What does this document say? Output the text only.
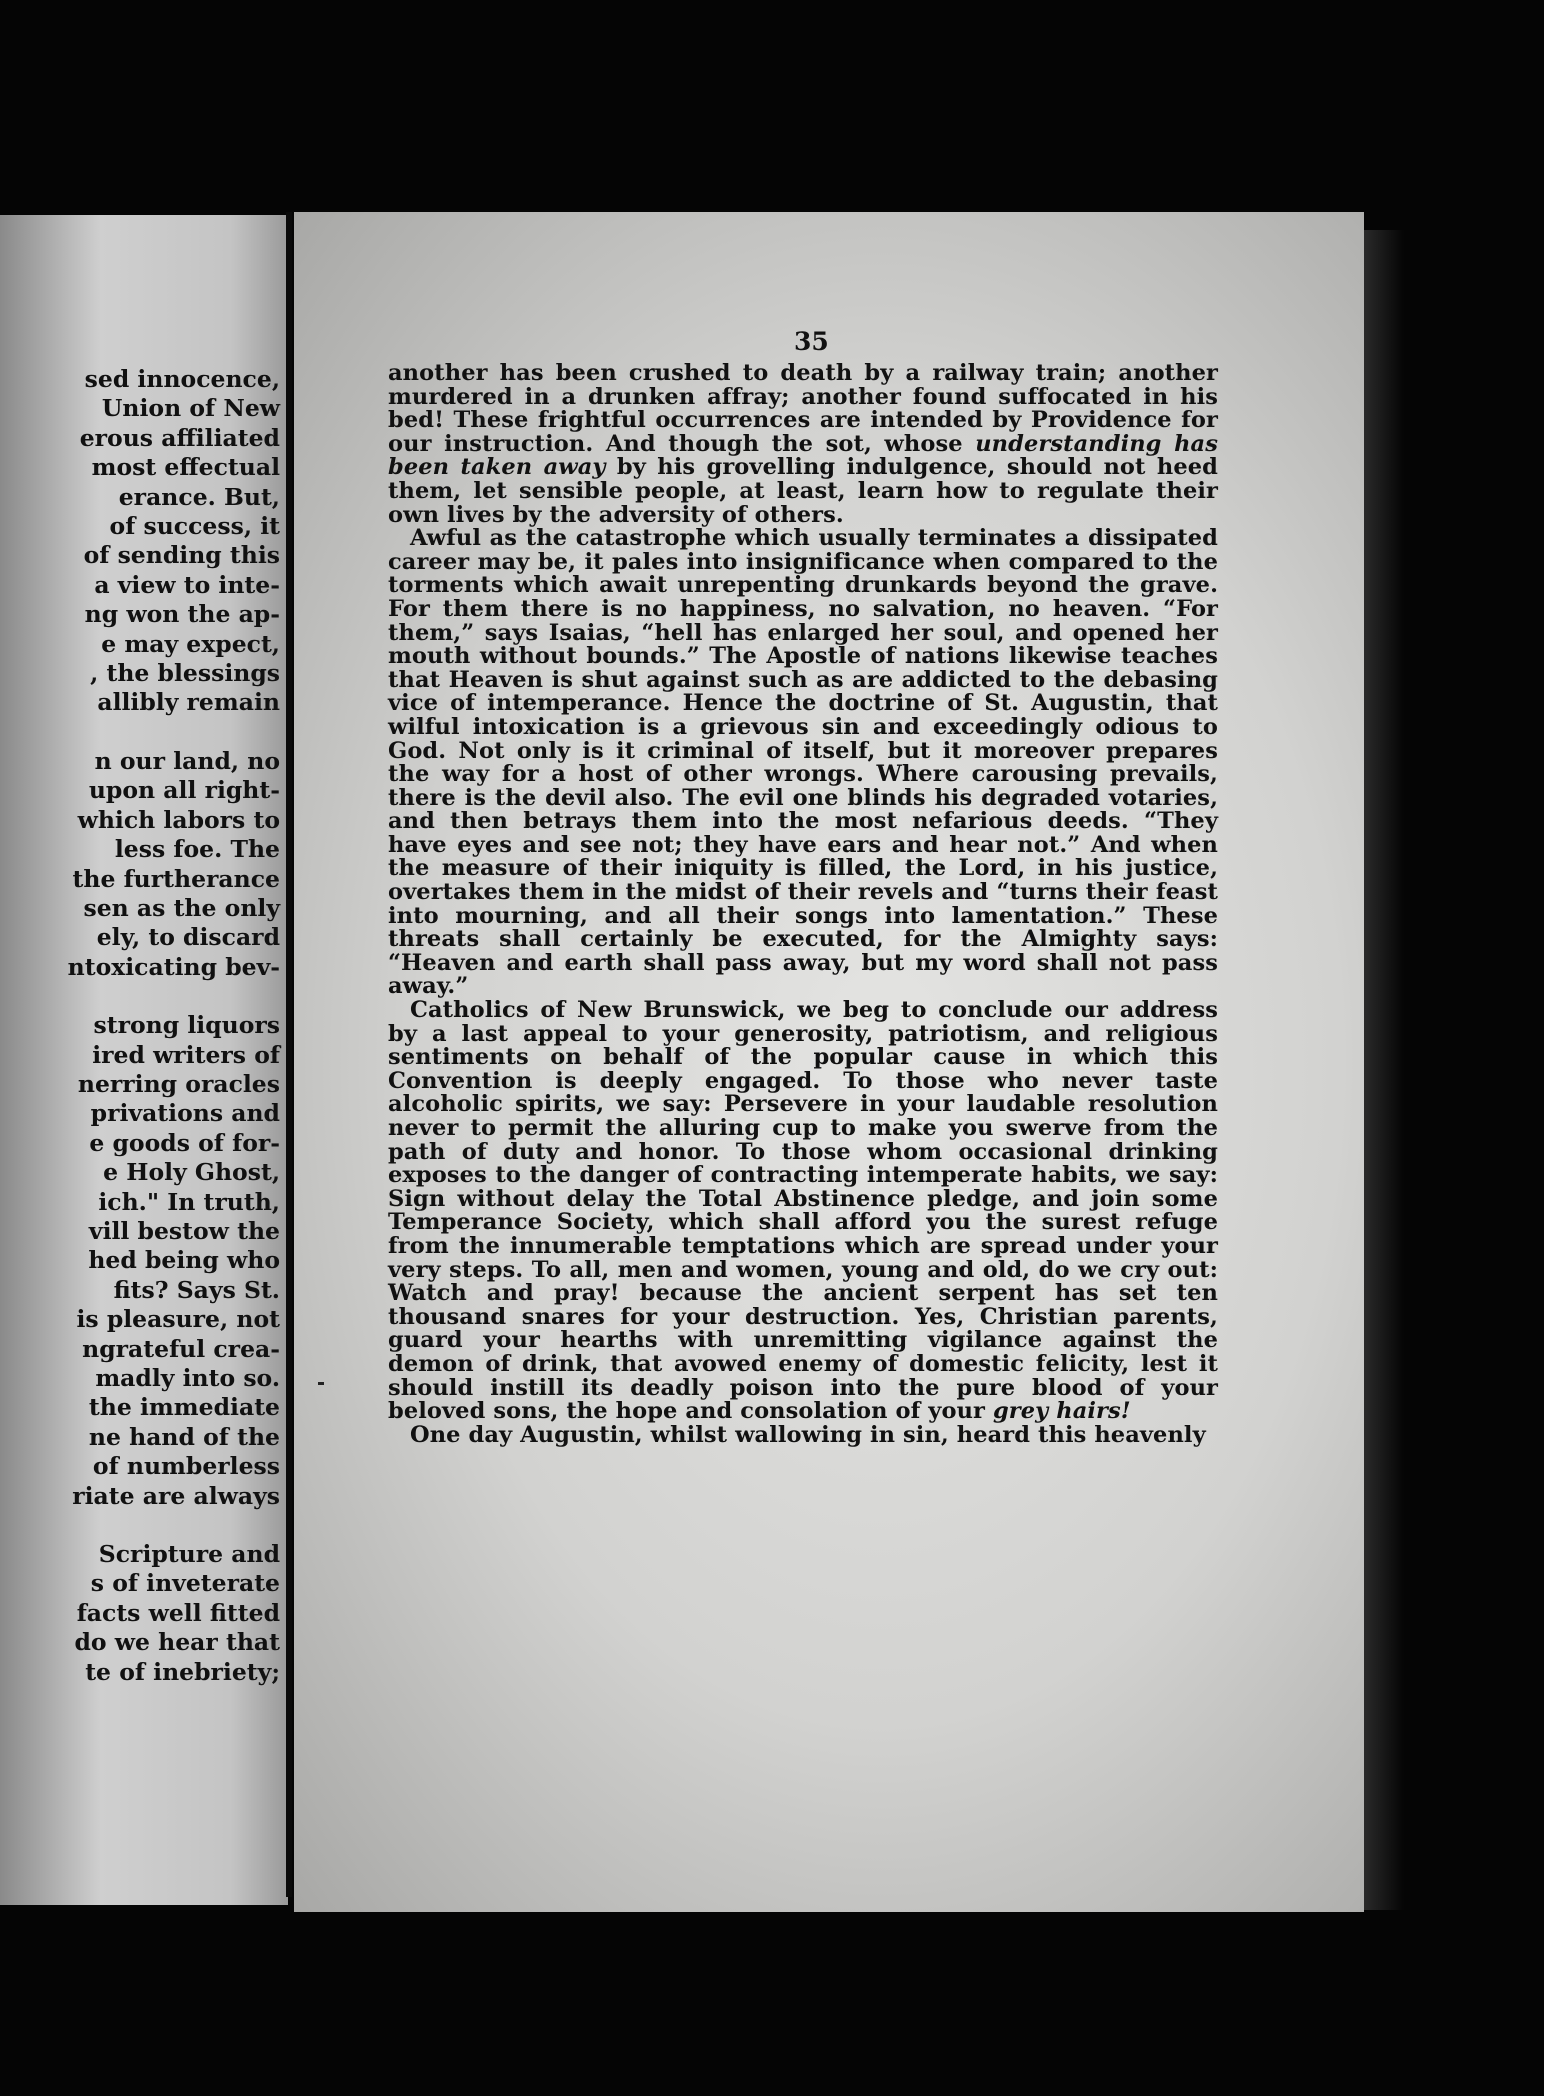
sed innocence,
Union of New
erous affiliated
most effectual
erance. But,
of success, it
of sending this
a view to inte-
ng won the ap-
e may expect,
, the blessings
allibly remain
n our land, no
upon all right-
which labors to
less foe. The
the furtherance
sen as the only
ely, to discard
ntoxicating bev-
strong liquors
ired writers of
nerring oracles
privations and
e goods of for-
e Holy Ghost,
ich." In truth,
vill bestow the
hed being who
fits? Says St.
is pleasure, not
ngrateful crea-
madly into so.
the immediate
ne hand of the
of numberless
riate are always
Scripture and
s of inveterate
facts well fitted
do we hear that
te of inebriety;
35

another has been crushed to death by a railway train; another murdered in a drunken affray; another found suffocated in his bed! These frightful occurrences are intended by Providence for our instruction. And though the sot, whose understanding has been taken away by his grovelling indulgence, should not heed them, let sensible people, at least, learn how to regulate their own lives by the adversity of others.

Awful as the catastrophe which usually terminates a dissipated career may be, it pales into insignificance when compared to the torments which await unrepenting drunkards beyond the grave. For them there is no happiness, no salvation, no heaven. “For them,” says Isaias, “hell has enlarged her soul, and opened her mouth without bounds.” The Apostle of nations likewise teaches that Heaven is shut against such as are addicted to the debasing vice of intemperance. Hence the doctrine of St. Augustin, that wilful intoxication is a grievous sin and exceedingly odious to God. Not only is it criminal of itself, but it moreover prepares the way for a host of other wrongs. Where carousing prevails, there is the devil also. The evil one blinds his degraded votaries, and then betrays them into the most nefarious deeds. “They have eyes and see not; they have ears and hear not.” And when the measure of their iniquity is filled, the Lord, in his justice, overtakes them in the midst of their revels and “turns their feast into mourning, and all their songs into lamentation.” These threats shall certainly be executed, for the Almighty says: “Heaven and earth shall pass away, but my word shall not pass away.”

Catholics of New Brunswick, we beg to conclude our address by a last appeal to your generosity, patriotism, and religious sentiments on behalf of the popular cause in which this Convention is deeply engaged. To those who never taste alcoholic spirits, we say: Persevere in your laudable resolution never to permit the alluring cup to make you swerve from the path of duty and honor. To those whom occasional drinking exposes to the danger of contracting intemperate habits, we say: Sign without delay the Total Abstinence pledge, and join some Temperance Society, which shall afford you the surest refuge from the innumerable temptations which are spread under your very steps. To all, men and women, young and old, do we cry out: Watch and pray! because the ancient serpent has set ten thousand snares for your destruction. Yes, Christian parents, guard your hearths with unremitting vigilance against the demon of drink, that avowed enemy of domestic felicity, lest it should instill its deadly poison into the pure blood of your beloved sons, the hope and consolation of your grey hairs!

One day Augustin, whilst wallowing in sin, heard this heavenly
